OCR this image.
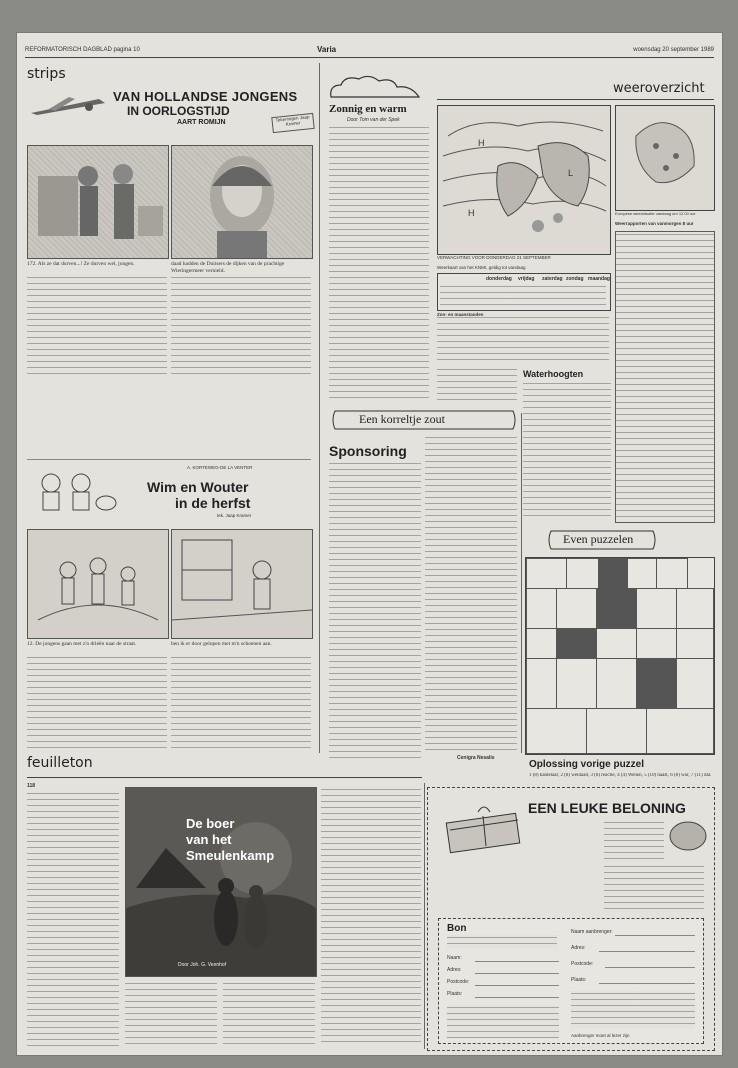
REFORMATORISCH DAGBLAD pagina 10	Varia	woensdag 20 september 1989
strips
VAN HOLLANDSE JONGENS
IN OORLOGSTIJD
AART ROMIJN	Tekeningen Jaap Kramer
172. Als ze dat durven...! Ze durven wel, jongen.	daad hadden de Duitsers de dijken van de prachtige Wieringermeer vernield.
A. KORTEWEG-DE LA VENTER
Wim en Wouter
in de herfst
tek. Jaap Kramer
12. De jongens gaan met z'n drieën naar de straat.	ben ik er door gelopen met m'n schoenen aan.
Zonnig en warm
Door Tom van der Spek
weeroverzicht
H
L
H
VERWACHTING VOOR DONDERDAG 21 SEPTEMBER
Weerkaart van het KNMI, geldig tot vandaag
donderdag vrijdag zaterdag zondag maandag
Zon- en maanstanden
Europese weersituatie vandaag om 12.00 uur
Weerrapporten van vanmorgen 8 uur
Waterhoogten
Een korreltje zout
Sponsoring
Cenigra Nesalis
Even puzzelen
Oplossing vorige puzzel
1 (8) kantelaar, 2 (8) weldaad, 3 (8) reactie, 4 (4) Wenen, 5 (10) naast, 6 (8) war, 7 (11) dal.
feuilleton
118
De boer
van het
Smeulenkamp
Door Joh. G. Veenhof
EEN LEUKE BELONING
Bon
Naam:
Adres:
Postcode:
Plaats:
Naam aanbrenger:
Adres:
Postcode:
Plaats:
Aanbrenger moet al lezer zijn
